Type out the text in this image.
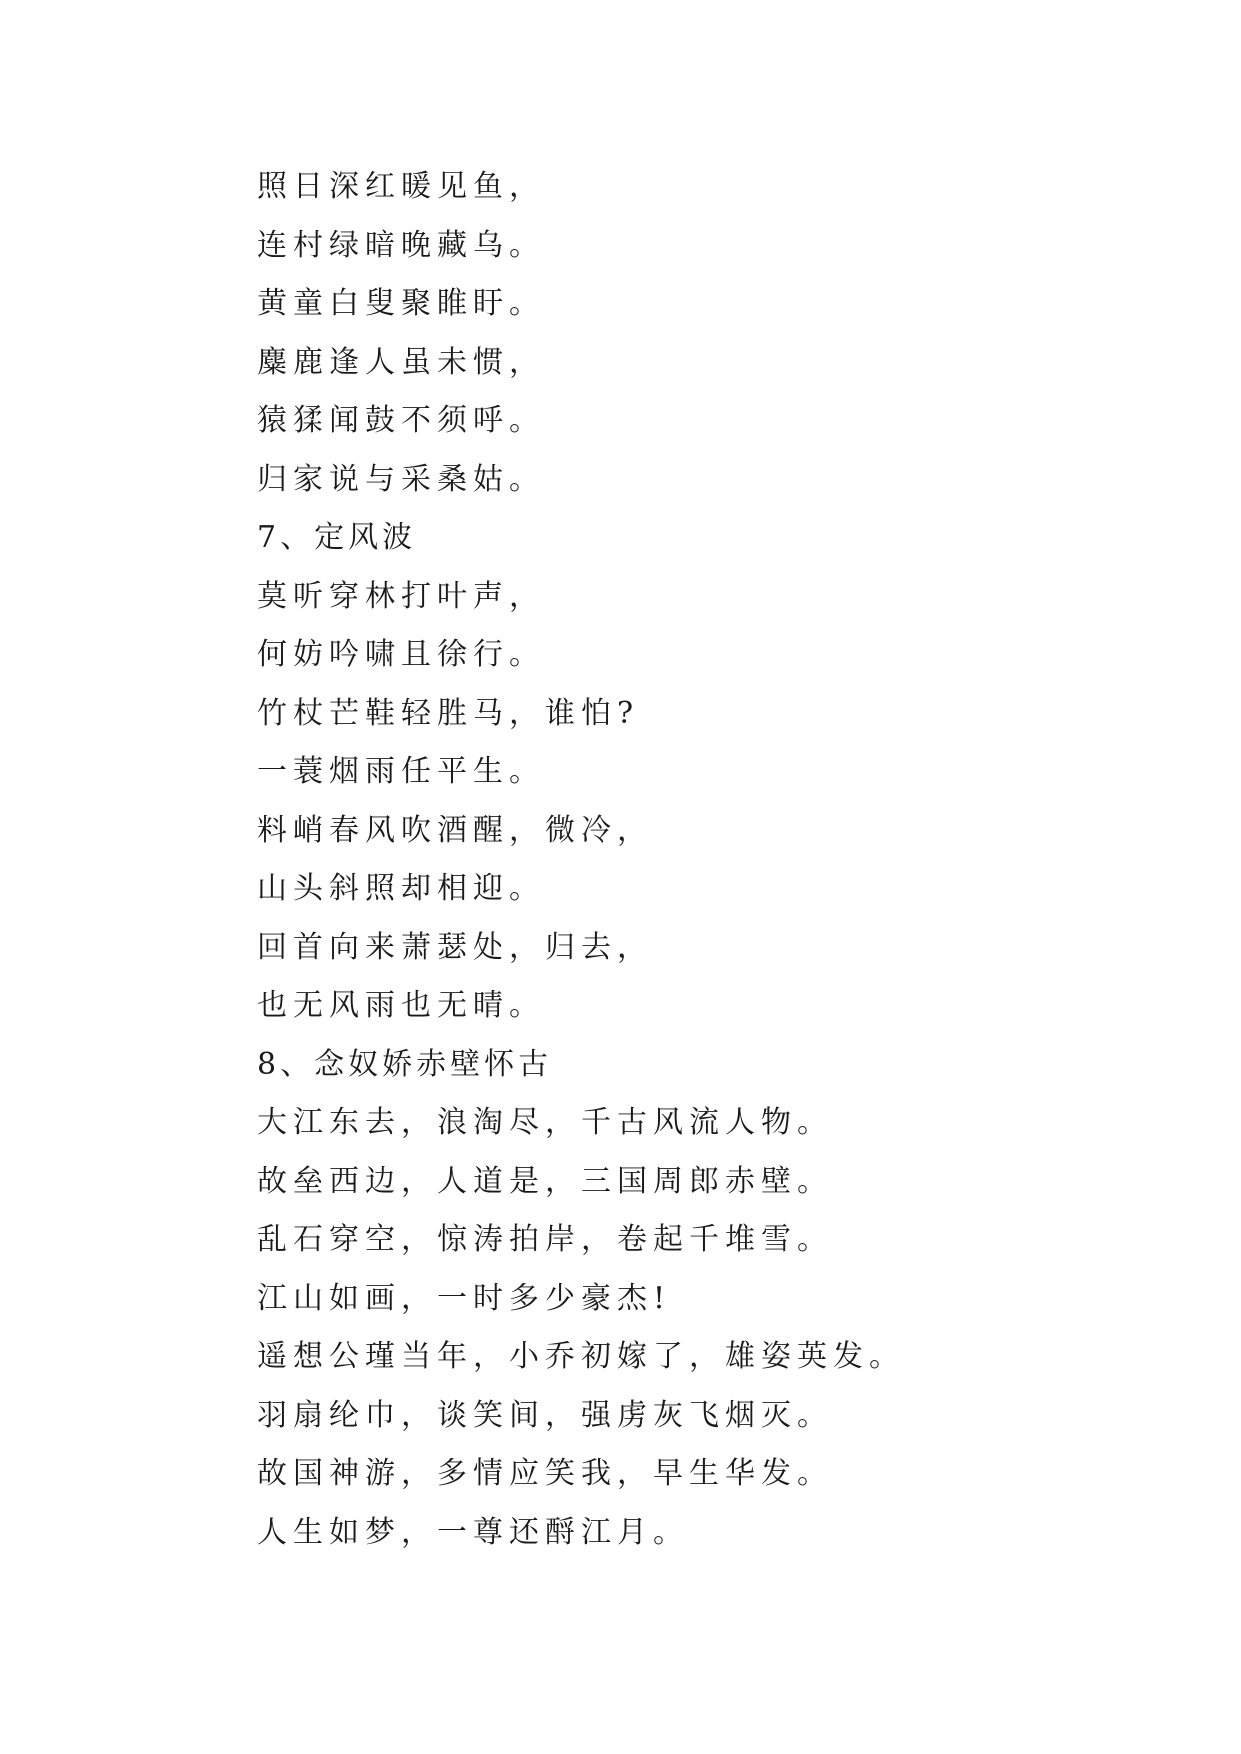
照日深红暖见鱼，
连村绿暗晚藏乌。
黄童白叟聚睢盱。
麋鹿逢人虽未惯，
猿猱闻鼓不须呼。
归家说与采桑姑。
7、定风波
莫听穿林打叶声，
何妨吟啸且徐行。
竹杖芒鞋轻胜马，谁怕?
一蓑烟雨任平生。
料峭春风吹酒醒，微冷，
山头斜照却相迎。
回首向来萧瑟处，归去，
也无风雨也无晴。
8、念奴娇赤壁怀古
大江东去，浪淘尽，千古风流人物。
故垒西边，人道是，三国周郎赤壁。
乱石穿空，惊涛拍岸，卷起千堆雪。
江山如画，一时多少豪杰!
遥想公瑾当年，小乔初嫁了，雄姿英发。
羽扇纶巾，谈笑间，强虏灰飞烟灭。
故国神游，多情应笑我，早生华发。
人生如梦，一尊还酹江月。
